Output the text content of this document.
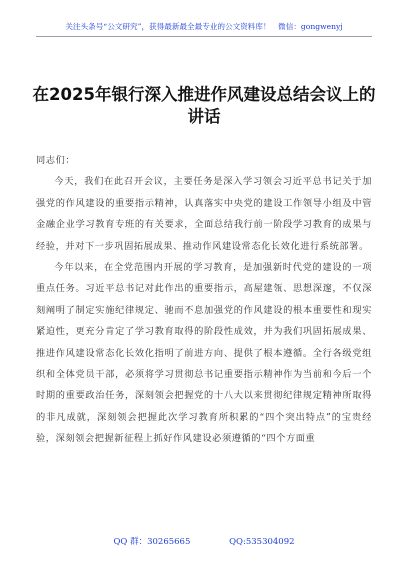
关注头条号“公文研究”，获得最新最全最专业的公文资料库！　微信：gongwenyj
在2025年银行深入推进作风建设总结会议上的讲话

同志们：

今天，我们在此召开会议，主要任务是深入学习领会习近平总书记关于加强党的作风建设的重要指示精神，认真落实中央党的建设工作领导小组及中管金融企业学习教育专班的有关要求，全面总结我行前一阶段学习教育的成果与经验，并对下一步巩固拓展成果、推动作风建设常态化长效化进行系统部署。

今年以来，在全党范围内开展的学习教育，是加强新时代党的建设的一项重点任务。习近平总书记对此作出的重要指示，高屋建瓴、思想深邃，不仅深刻阐明了制定实施纪律规定、驰而不息加强党的作风建设的根本重要性和现实紧迫性，更充分肯定了学习教育取得的阶段性成效，并为我们巩固拓展成果、推进作风建设常态化长效化指明了前进方向、提供了根本遵循。全行各级党组织和全体党员干部，必须将学习贯彻总书记重要指示精神作为当前和今后一个时期的重要政治任务，深刻领会把握党的十八大以来贯彻纪律规定精神所取得的非凡成就，深刻领会把握此次学习教育所积累的“四个突出特点”的宝贵经验，深刻领会把握新征程上抓好作风建设必须遵循的“四个方面重

QQ 群：30265665	QQ:535304092
